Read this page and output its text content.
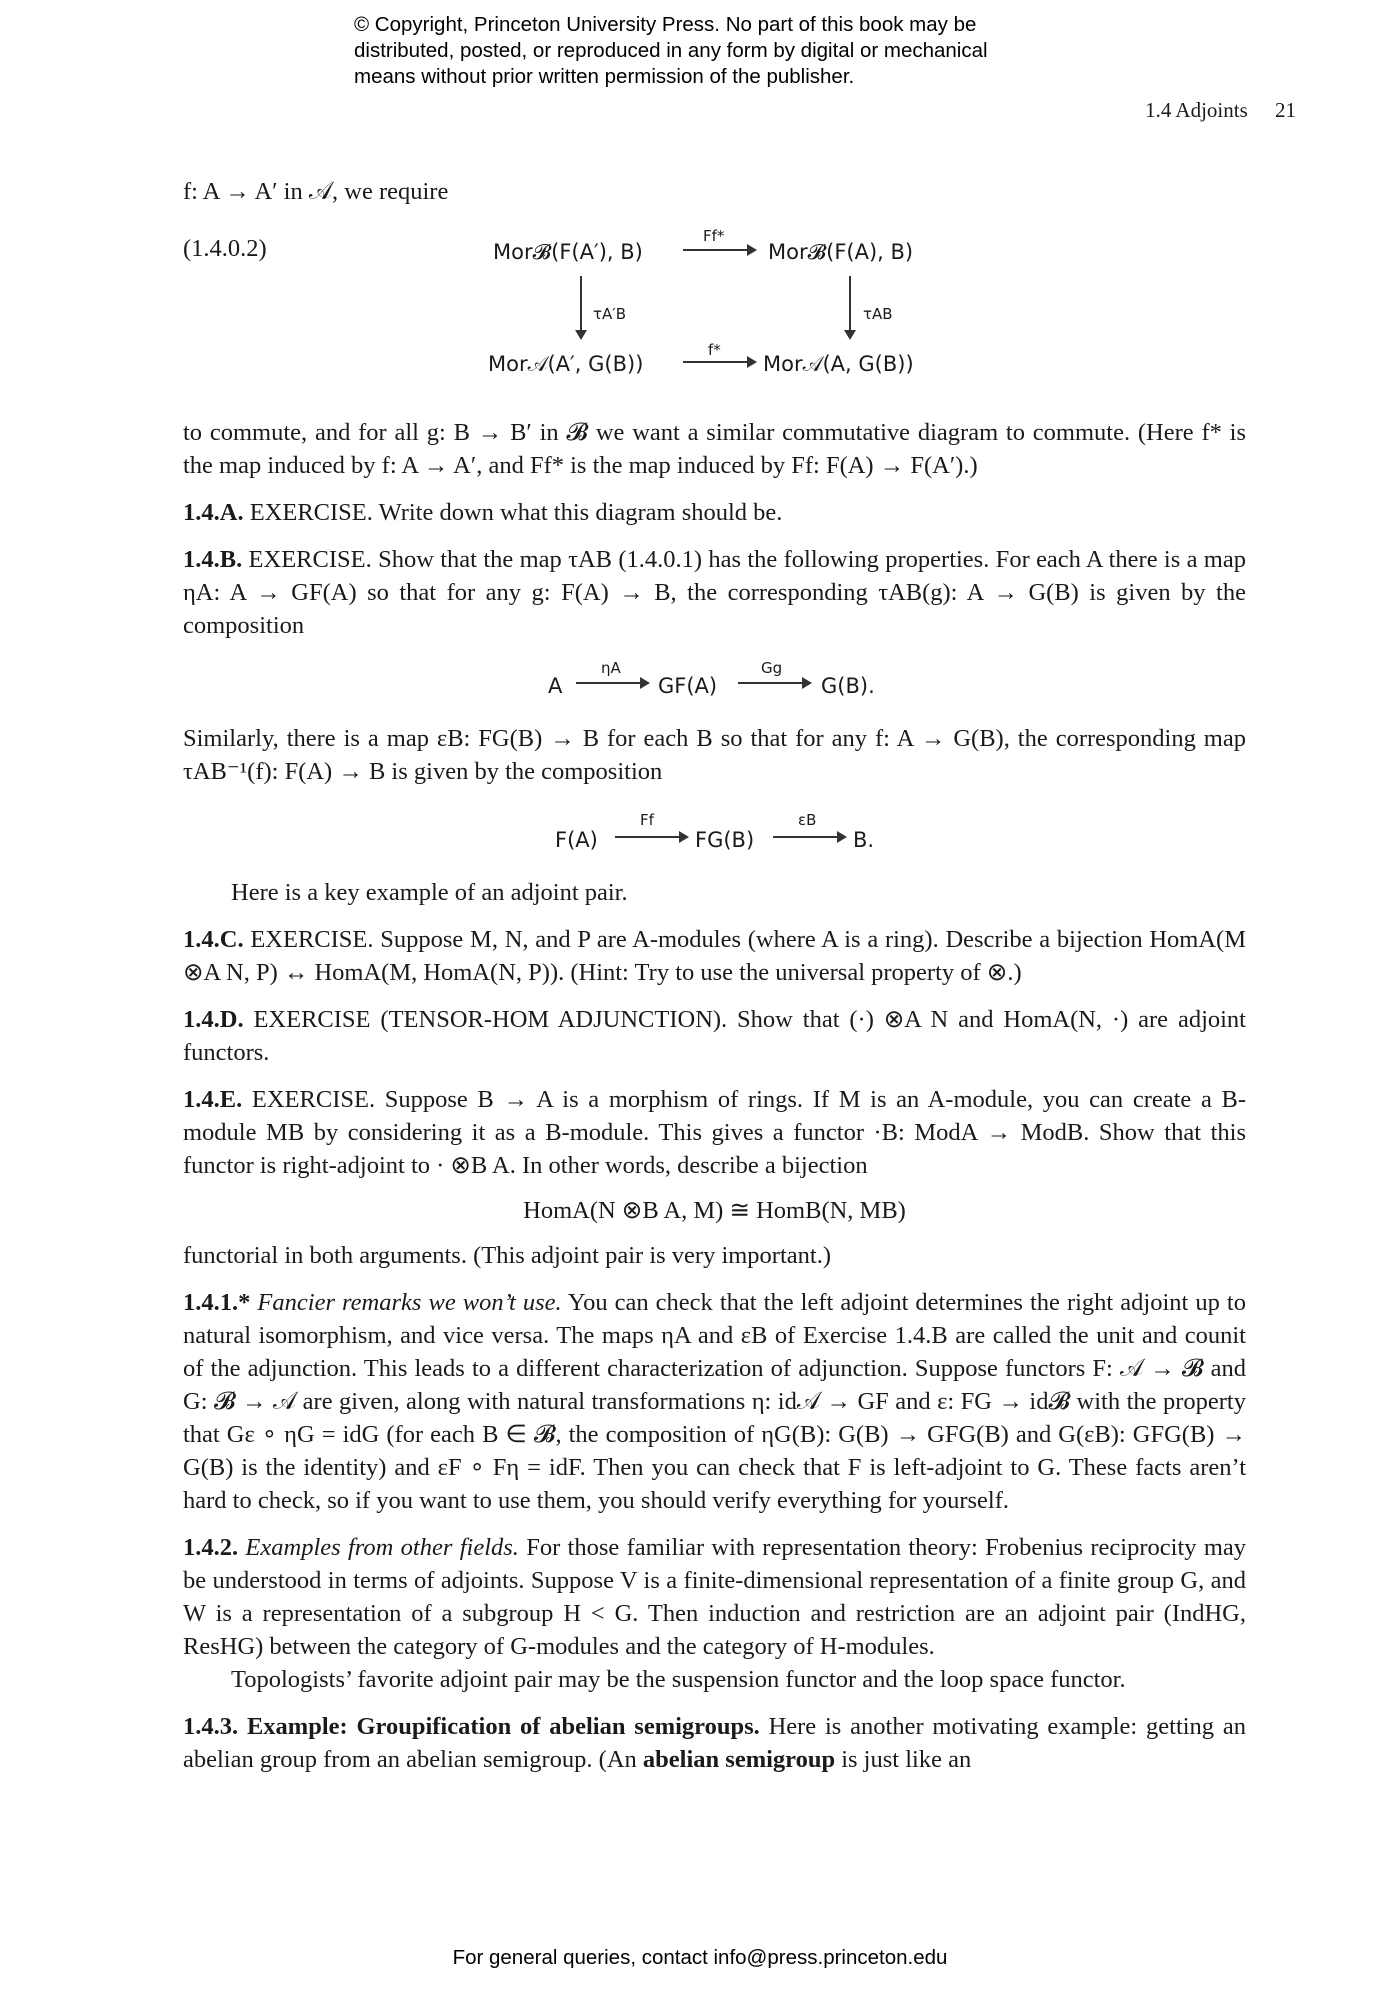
© Copyright, Princeton University Press. No part of this book may be
distributed, posted, or reproduced in any form by digital or mechanical
means without prior written permission of the publisher.
1.4 Adjoints 21

f: A → A′ in 𝒜, we require

(1.4.0.2)	Mor𝓑(F(A′), B)	Mor𝓑(F(A), B)
Mor𝒜(A′, G(B))	Mor𝒜(A, G(B))
Ff*
f*
τA′B	τAB

to commute, and for all g: B → B′ in 𝓑 we want a similar commutative diagram to commute. (Here f* is the map induced by f: A → A′, and Ff* is the map induced by Ff: F(A) → F(A′).)

1.4.A. EXERCISE. Write down what this diagram should be.

1.4.B. EXERCISE. Show that the map τAB (1.4.0.1) has the following properties. For each A there is a map ηA: A → GF(A) so that for any g: F(A) → B, the corresponding τAB(g): A → G(B) is given by the composition

A
ηA
GF(A)
Gg
G(B).

Similarly, there is a map εB: FG(B) → B for each B so that for any f: A → G(B), the corresponding map τAB⁻¹(f): F(A) → B is given by the composition

F(A)
Ff
FG(B)
εB
B.

Here is a key example of an adjoint pair.

1.4.C. EXERCISE. Suppose M, N, and P are A-modules (where A is a ring). Describe a bijection HomA(M ⊗A N, P) ↔ HomA(M, HomA(N, P)). (Hint: Try to use the universal property of ⊗.)

1.4.D. EXERCISE (TENSOR-HOM ADJUNCTION). Show that (·) ⊗A N and HomA(N, ·) are adjoint functors.

1.4.E. EXERCISE. Suppose B → A is a morphism of rings. If M is an A-module, you can create a B-module MB by considering it as a B-module. This gives a functor ·B: ModA → ModB. Show that this functor is right-adjoint to · ⊗B A. In other words, describe a bijection

HomA(N ⊗B A, M) ≅ HomB(N, MB)

functorial in both arguments. (This adjoint pair is very important.)

1.4.1.* Fancier remarks we won’t use. You can check that the left adjoint determines the right adjoint up to natural isomorphism, and vice versa. The maps ηA and εB of Exercise 1.4.B are called the unit and counit of the adjunction. This leads to a different characterization of adjunction. Suppose functors F: 𝒜 → 𝓑 and G: 𝓑 → 𝒜 are given, along with natural transformations η: id𝒜 → GF and ε: FG → id𝓑 with the property that Gε ∘ ηG = idG (for each B ∈ 𝓑, the composition of ηG(B): G(B) → GFG(B) and G(εB): GFG(B) → G(B) is the identity) and εF ∘ Fη = idF. Then you can check that F is left-adjoint to G. These facts aren’t hard to check, so if you want to use them, you should verify everything for yourself.

1.4.2. Examples from other fields. For those familiar with representation theory: Frobenius reciprocity may be understood in terms of adjoints. Suppose V is a finite-dimensional representation of a finite group G, and W is a representation of a subgroup H < G. Then induction and restriction are an adjoint pair (IndHG, ResHG) between the category of G-modules and the category of H-modules.

Topologists’ favorite adjoint pair may be the suspension functor and the loop space functor.

1.4.3. Example: Groupification of abelian semigroups. Here is another motivating example: getting an abelian group from an abelian semigroup. (An abelian semigroup is just like an

For general queries, contact info@press.princeton.edu
